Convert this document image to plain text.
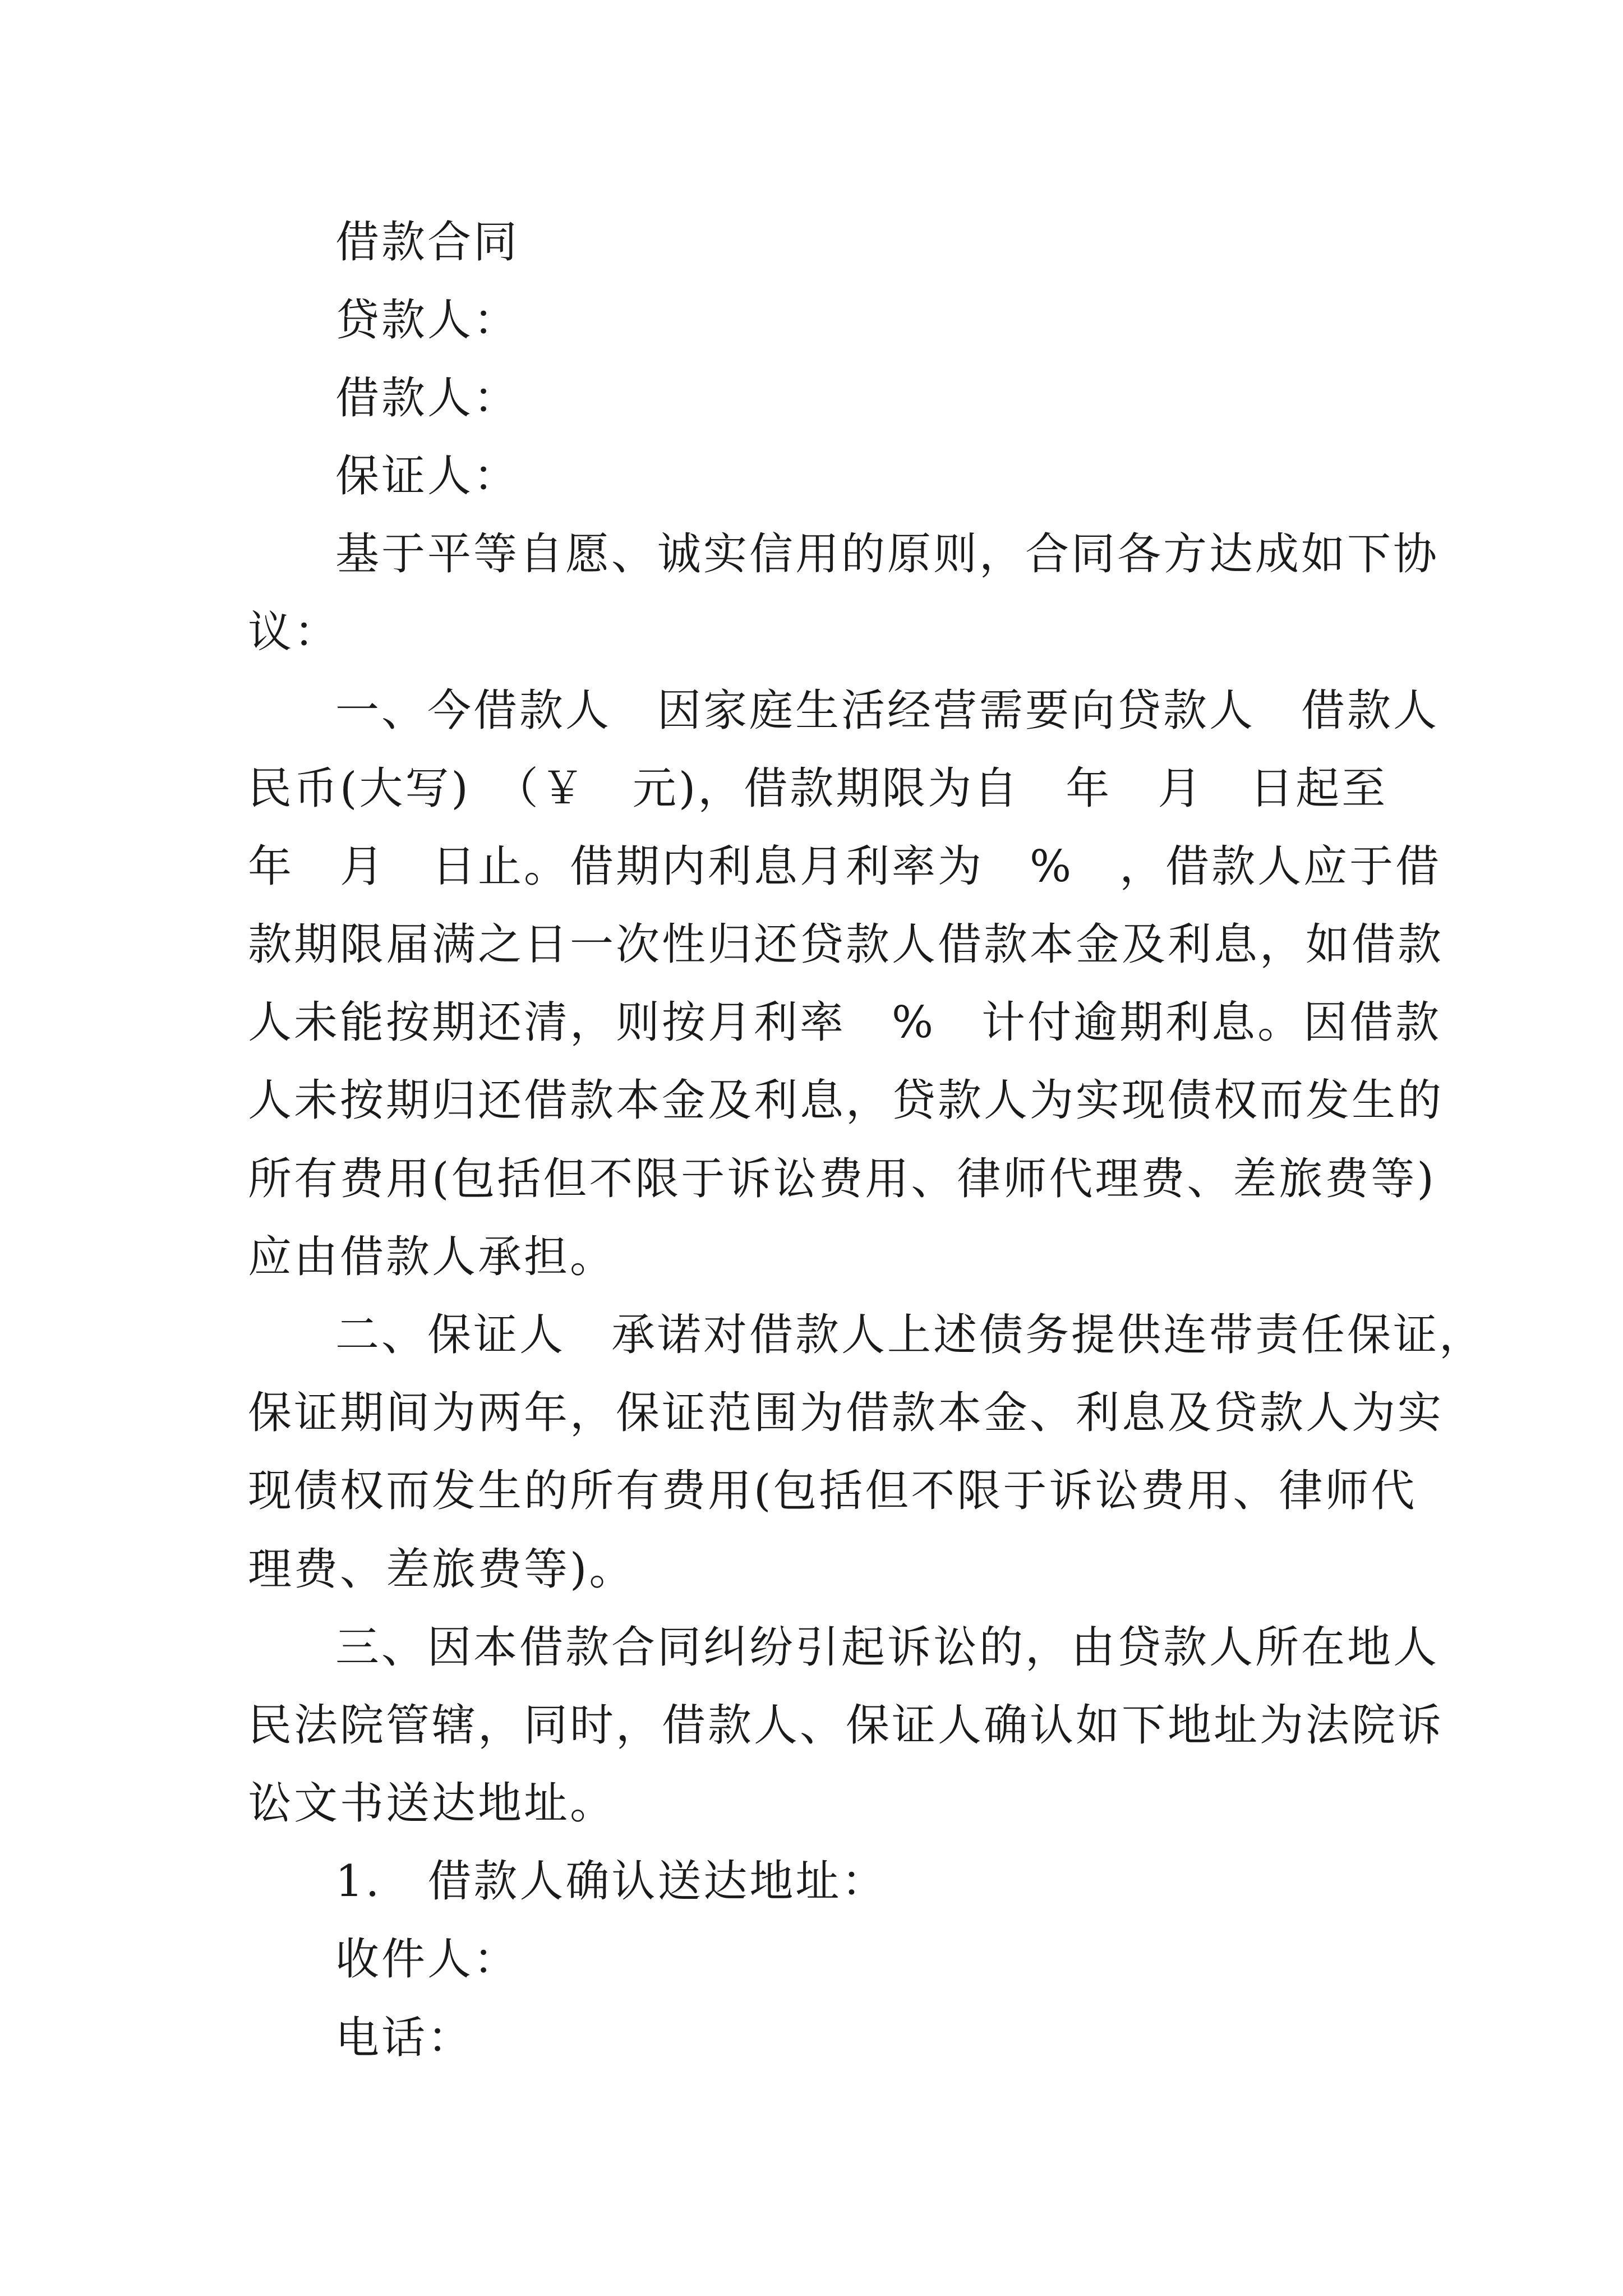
借款合同
贷款人：
借款人：
保证人：
基于平等自愿、诚实信用的原则，合同各方达成如下协
议：
一、今借款人　因家庭生活经营需要向贷款人　借款人
民币(大写)　（￥　元)，借款期限为自　年　月　日起至
年　月　日止。借期内利息月利率为　%　，借款人应于借
款期限届满之日一次性归还贷款人借款本金及利息，如借款
人未能按期还清，则按月利率　%　计付逾期利息。因借款
人未按期归还借款本金及利息，贷款人为实现债权而发生的
所有费用(包括但不限于诉讼费用、律师代理费、差旅费等)
应由借款人承担。
二、保证人　承诺对借款人上述债务提供连带责任保证，
保证期间为两年，保证范围为借款本金、利息及贷款人为实
现债权而发生的所有费用(包括但不限于诉讼费用、律师代
理费、差旅费等)。
三、因本借款合同纠纷引起诉讼的，由贷款人所在地人
民法院管辖，同时，借款人、保证人确认如下地址为法院诉
讼文书送达地址。
1.　借款人确认送达地址：
收件人：
电话：
